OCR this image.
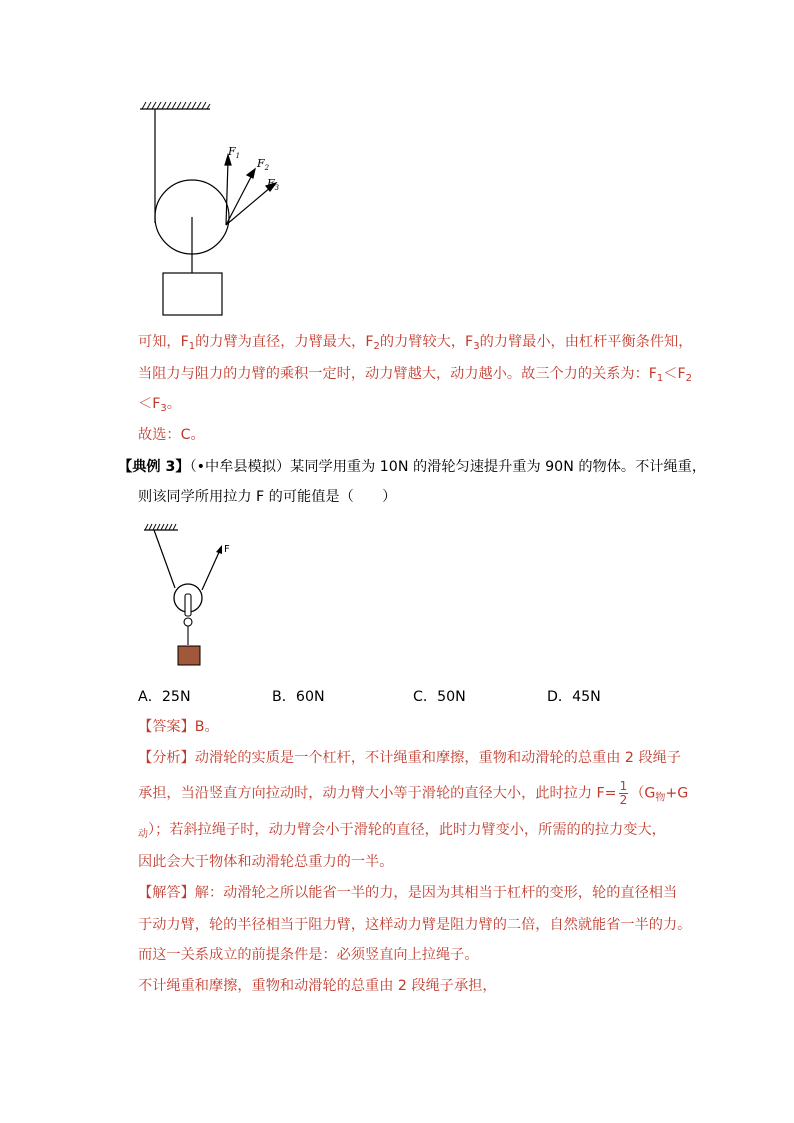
$F_1$
$F_2$
$F_3$
可知，$F_1$的力臂为直径，力臂最大，$F_2$的力臂较大，$F_3$的力臂最小，由杠杆平衡条件知，
当阻力与阻力的力臂的乘积一定时，动力臂越大，动力越小。故三个力的关系为：$F_1<F_2$
$<F_3$。
故选：C。
【典例 3】（•中牟县模拟）某同学用重为 10N 的滑轮匀速提升重为 90N 的物体。不计绳重，
则该同学所用拉力 F 的可能值是（　　）
F
A．25N	B．60N	C．50N	D．45N
【答案】B。
【分析】动滑轮的实质是一个杠杆，不计绳重和摩擦，重物和动滑轮的总重由 2 段绳子
承担，当沿竖直方向拉动时，动力臂大小等于滑轮的直径大小，此时拉力 $F= \frac{1}{2} (G_物+G$
$_动$）；若斜拉绳子时，动力臂会小于滑轮的直径，此时力臂变小，所需的的拉力变大，
因此会大于物体和动滑轮总重力的一半。
【解答】解：动滑轮之所以能省一半的力，是因为其相当于杠杆的变形，轮的直径相当
于动力臂，轮的半径相当于阻力臂，这样动力臂是阻力臂的二倍，自然就能省一半的力。
而这一关系成立的前提条件是：必须竖直向上拉绳子。
不计绳重和摩擦，重物和动滑轮的总重由 2 段绳子承担，
